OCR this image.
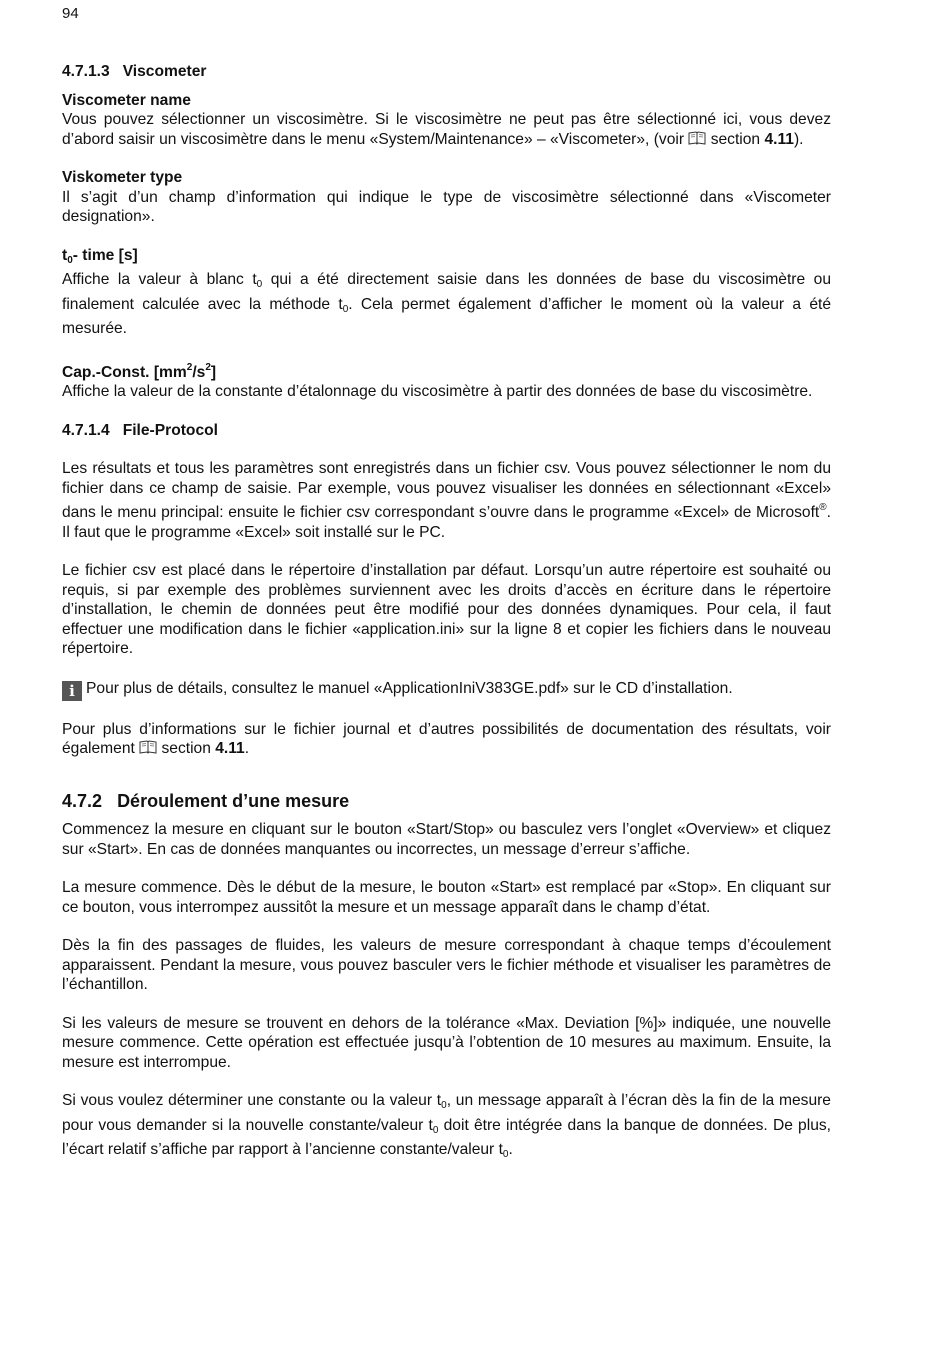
94
4.7.1.3 Viscometer
Viscometer name

Vous pouvez sélectionner un viscosimètre. Si le viscosimètre ne peut pas être sélectionné ici, vous devez d’abord saisir un viscosimètre dans le menu «System/Maintenance» – «Viscometer», (voir  section 4.11).

Viskometer type

Il s’agit d’un champ d’information qui indique le type de viscosimètre sélectionné dans «Viscometer designation».

$t_0-$ time [s]

Affiche la valeur à blanc $t_0$ qui a été directement saisie dans les données de base du viscosimètre ou finalement calculée avec la méthode $t_0$. Cela permet également d’afficher le moment où la valeur a été mesurée.

Cap.-Const. $[mm^2/s^2]$

Affiche la valeur de la constante d’étalonnage du viscosimètre à partir des données de base du viscosimètre.

4.7.1.4 File-Protocol

Les résultats et tous les paramètres sont enregistrés dans un fichier csv. Vous pouvez sélectionner le nom du fichier dans ce champ de saisie. Par exemple, vous pouvez visualiser les données en sélectionnant «Excel» dans le menu principal: ensuite le fichier csv correspondant s’ouvre dans le programme «Excel» de Microsoft®. Il faut que le programme «Excel» soit installé sur le PC.

Le fichier csv est placé dans le répertoire d’installation par défaut. Lorsqu’un autre répertoire est souhaité ou requis, si par exemple des problèmes surviennent avec les droits d’accès en écriture dans le répertoire d’installation, le chemin de données peut être modifié pour des données dynamiques. Pour cela, il faut effectuer une modification dans le fichier «application.ini» sur la ligne 8 et copier les fichiers dans le nouveau répertoire.

i Pour plus de détails, consultez le manuel «ApplicationIniV383GE.pdf» sur le CD d’installation.

Pour plus d’informations sur le fichier journal et d’autres possibilités de documentation des résultats, voir également  section 4.11.

4.7.2 Déroulement d’une mesure

Commencez la mesure en cliquant sur le bouton «Start/Stop» ou basculez vers l’onglet «Overview» et cliquez sur «Start». En cas de données manquantes ou incorrectes, un message d’erreur s’affiche.

La mesure commence. Dès le début de la mesure, le bouton «Start» est remplacé par «Stop». En cliquant sur ce bouton, vous interrompez aussitôt la mesure et un message apparaît dans le champ d’état.

Dès la fin des passages de fluides, les valeurs de mesure correspondant à chaque temps d’écoulement apparaissent. Pendant la mesure, vous pouvez basculer vers le fichier méthode et visualiser les paramètres de l’échantillon.

Si les valeurs de mesure se trouvent en dehors de la tolérance «Max. Deviation [%]» indiquée, une nouvelle mesure commence. Cette opération est effectuée jusqu’à l’obtention de 10 mesures au maximum. Ensuite, la mesure est interrompue.

Si vous voulez déterminer une constante ou la valeur $t_0$, un message apparaît à l’écran dès la fin de la mesure pour vous demander si la nouvelle constante/valeur $t_0$ doit être intégrée dans la banque de données. De plus, l’écart relatif s’affiche par rapport à l’ancienne constante/valeur $t_0$.
